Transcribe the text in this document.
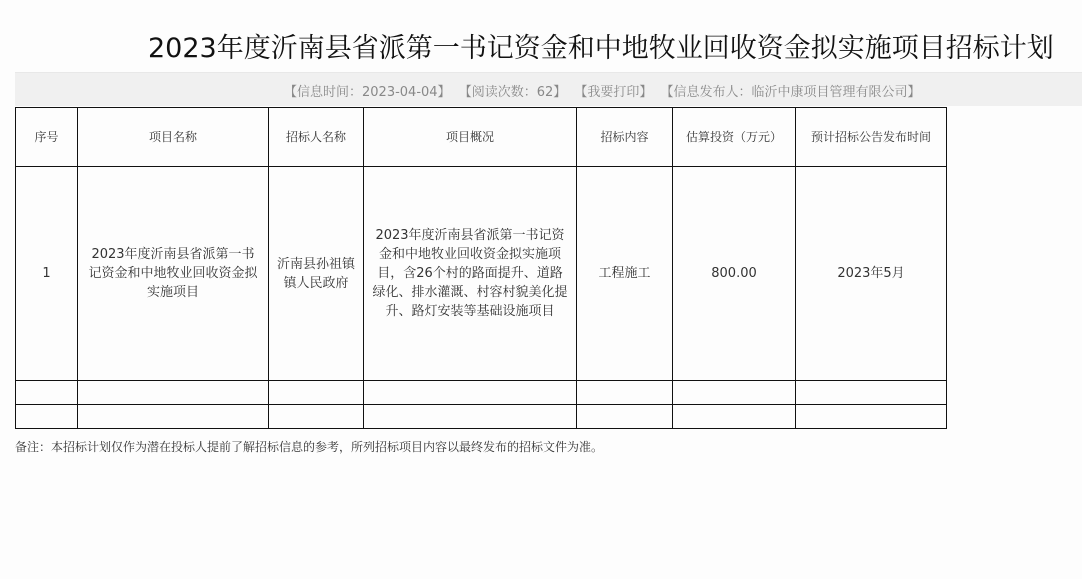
2023年度沂南县省派第一书记资金和中地牧业回收资金拟实施项目招标计划
【信息时间：2023-04-04】 【阅读次数：62】 【我要打印】 【信息发布人：临沂中康项目管理有限公司】
序号	项目名称	招标人名称	项目概况	招标内容	估算投资（万元）	预计招标公告发布时间
1	2023年度沂南县省派第一书记资金和中地牧业回收资金拟实施项目	沂南县孙祖镇镇人民政府	2023年度沂南县省派第一书记资金和中地牧业回收资金拟实施项目，含26个村的路面提升、道路绿化、排水灌溉、村容村貌美化提升、路灯安装等基础设施项目	工程施工	800.00	2023年5月

备注：本招标计划仅作为潜在投标人提前了解招标信息的参考，所列招标项目内容以最终发布的招标文件为准。
